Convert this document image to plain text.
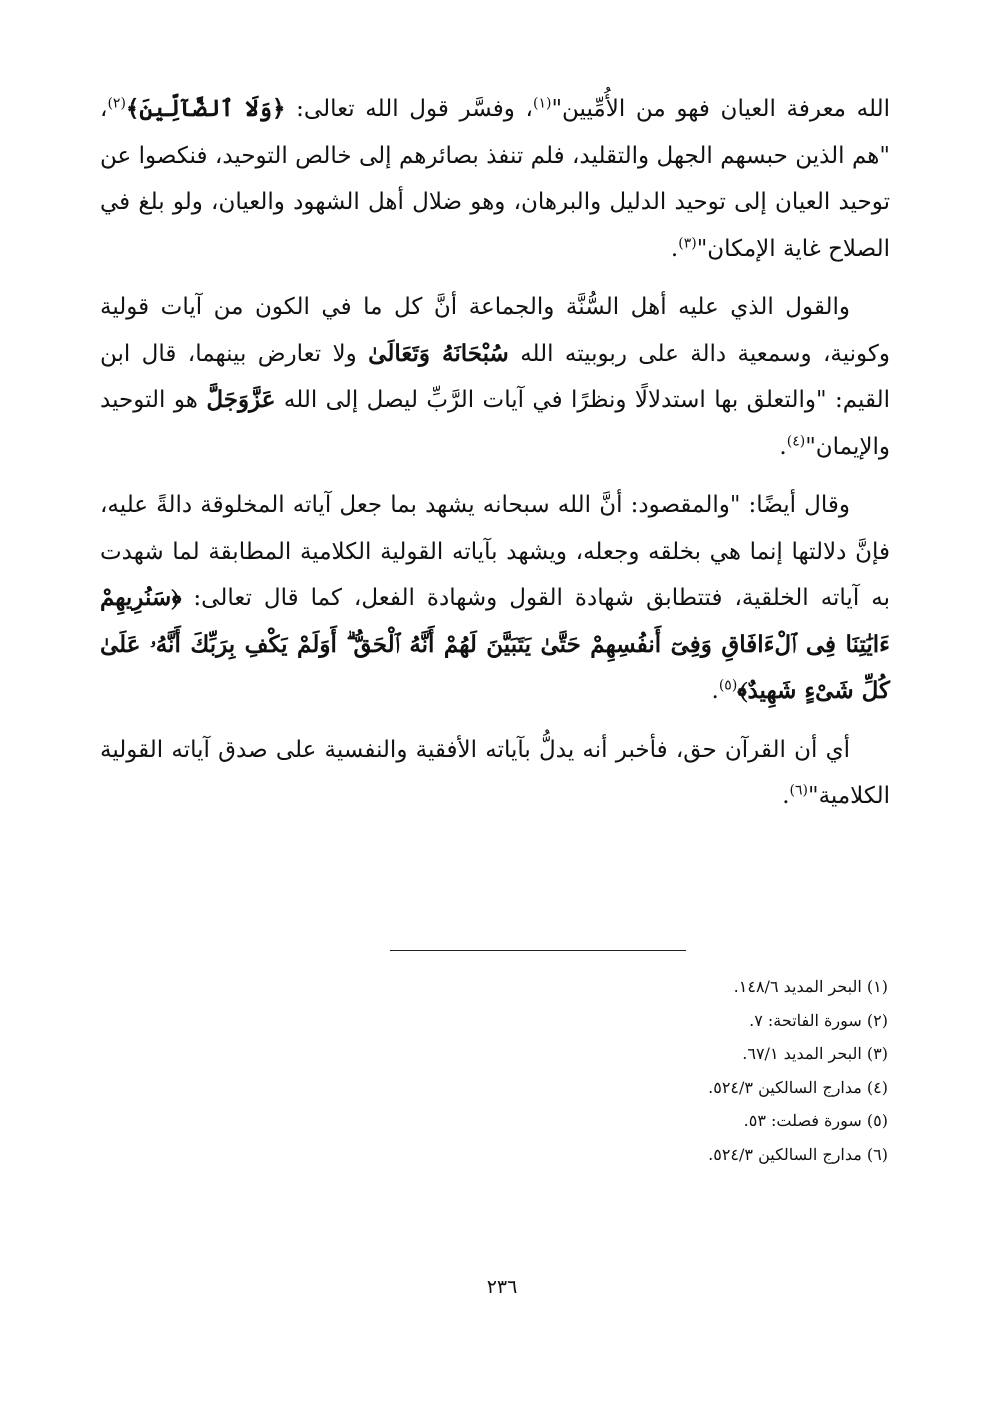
الله معرفة العيان فهو من الأُمِّيين"$^{(١)}$، وفسَّر قول الله تعالى: ﴿وَلَا ٱلضَّآلِّينَ﴾$^{(٢)}$، "هم الذين حبسهم الجهل والتقليد، فلم تنفذ بصائرهم إلى خالص التوحيد، فنكصوا عن توحيد العيان إلى توحيد الدليل والبرهان، وهو ضلال أهل الشهود والعيان، ولو بلغ في الصلاح غاية الإمكان"$^{(٣)}$.

والقول الذي عليه أهل السُّنَّة والجماعة أنَّ كل ما في الكون من آيات قولية وكونية، وسمعية دالة على ربوبيته الله سُبْحَانَهُ وَتَعَالَىٰ ولا تعارض بينهما، قال ابن القيم: "والتعلق بها استدلالًا ونظرًا في آيات الرَّبِّ ليصل إلى الله عَزَّوَجَلَّ هو التوحيد والإيمان"$^{(٤)}$.

وقال أيضًا: "والمقصود: أنَّ الله سبحانه يشهد بما جعل آياته المخلوقة دالةً عليه، فإنَّ دلالتها إنما هي بخلقه وجعله، ويشهد بآياته القولية الكلامية المطابقة لما شهدت به آياته الخلقية، فتتطابق شهادة القول وشهادة الفعل، كما قال تعالى: ﴿سَنُرِيهِمْ ءَايَٰتِنَا فِى ٱلْءَافَاقِ وَفِىٓ أَنفُسِهِمْ حَتَّىٰ يَتَبَيَّنَ لَهُمْ أَنَّهُ ٱلْحَقُّ ۗ أَوَلَمْ يَكْفِ بِرَبِّكَ أَنَّهُۥ عَلَىٰ كُلِّ شَىْءٍ شَهِيدٌ﴾$^{(٥)}$.

أي أن القرآن حق، فأخبر أنه يدلُّ بآياته الأفقية والنفسية على صدق آياته القولية الكلامية"$^{(٦)}$.

(١) البحر المديد ١٤٨/٦.

(٢) سورة الفاتحة: ٧.

(٣) البحر المديد ٦٧/١.

(٤) مدارج السالكين ٥٢٤/٣.

(٥) سورة فصلت: ٥٣.

(٦) مدارج السالكين ٥٢٤/٣.

٢٣٦
